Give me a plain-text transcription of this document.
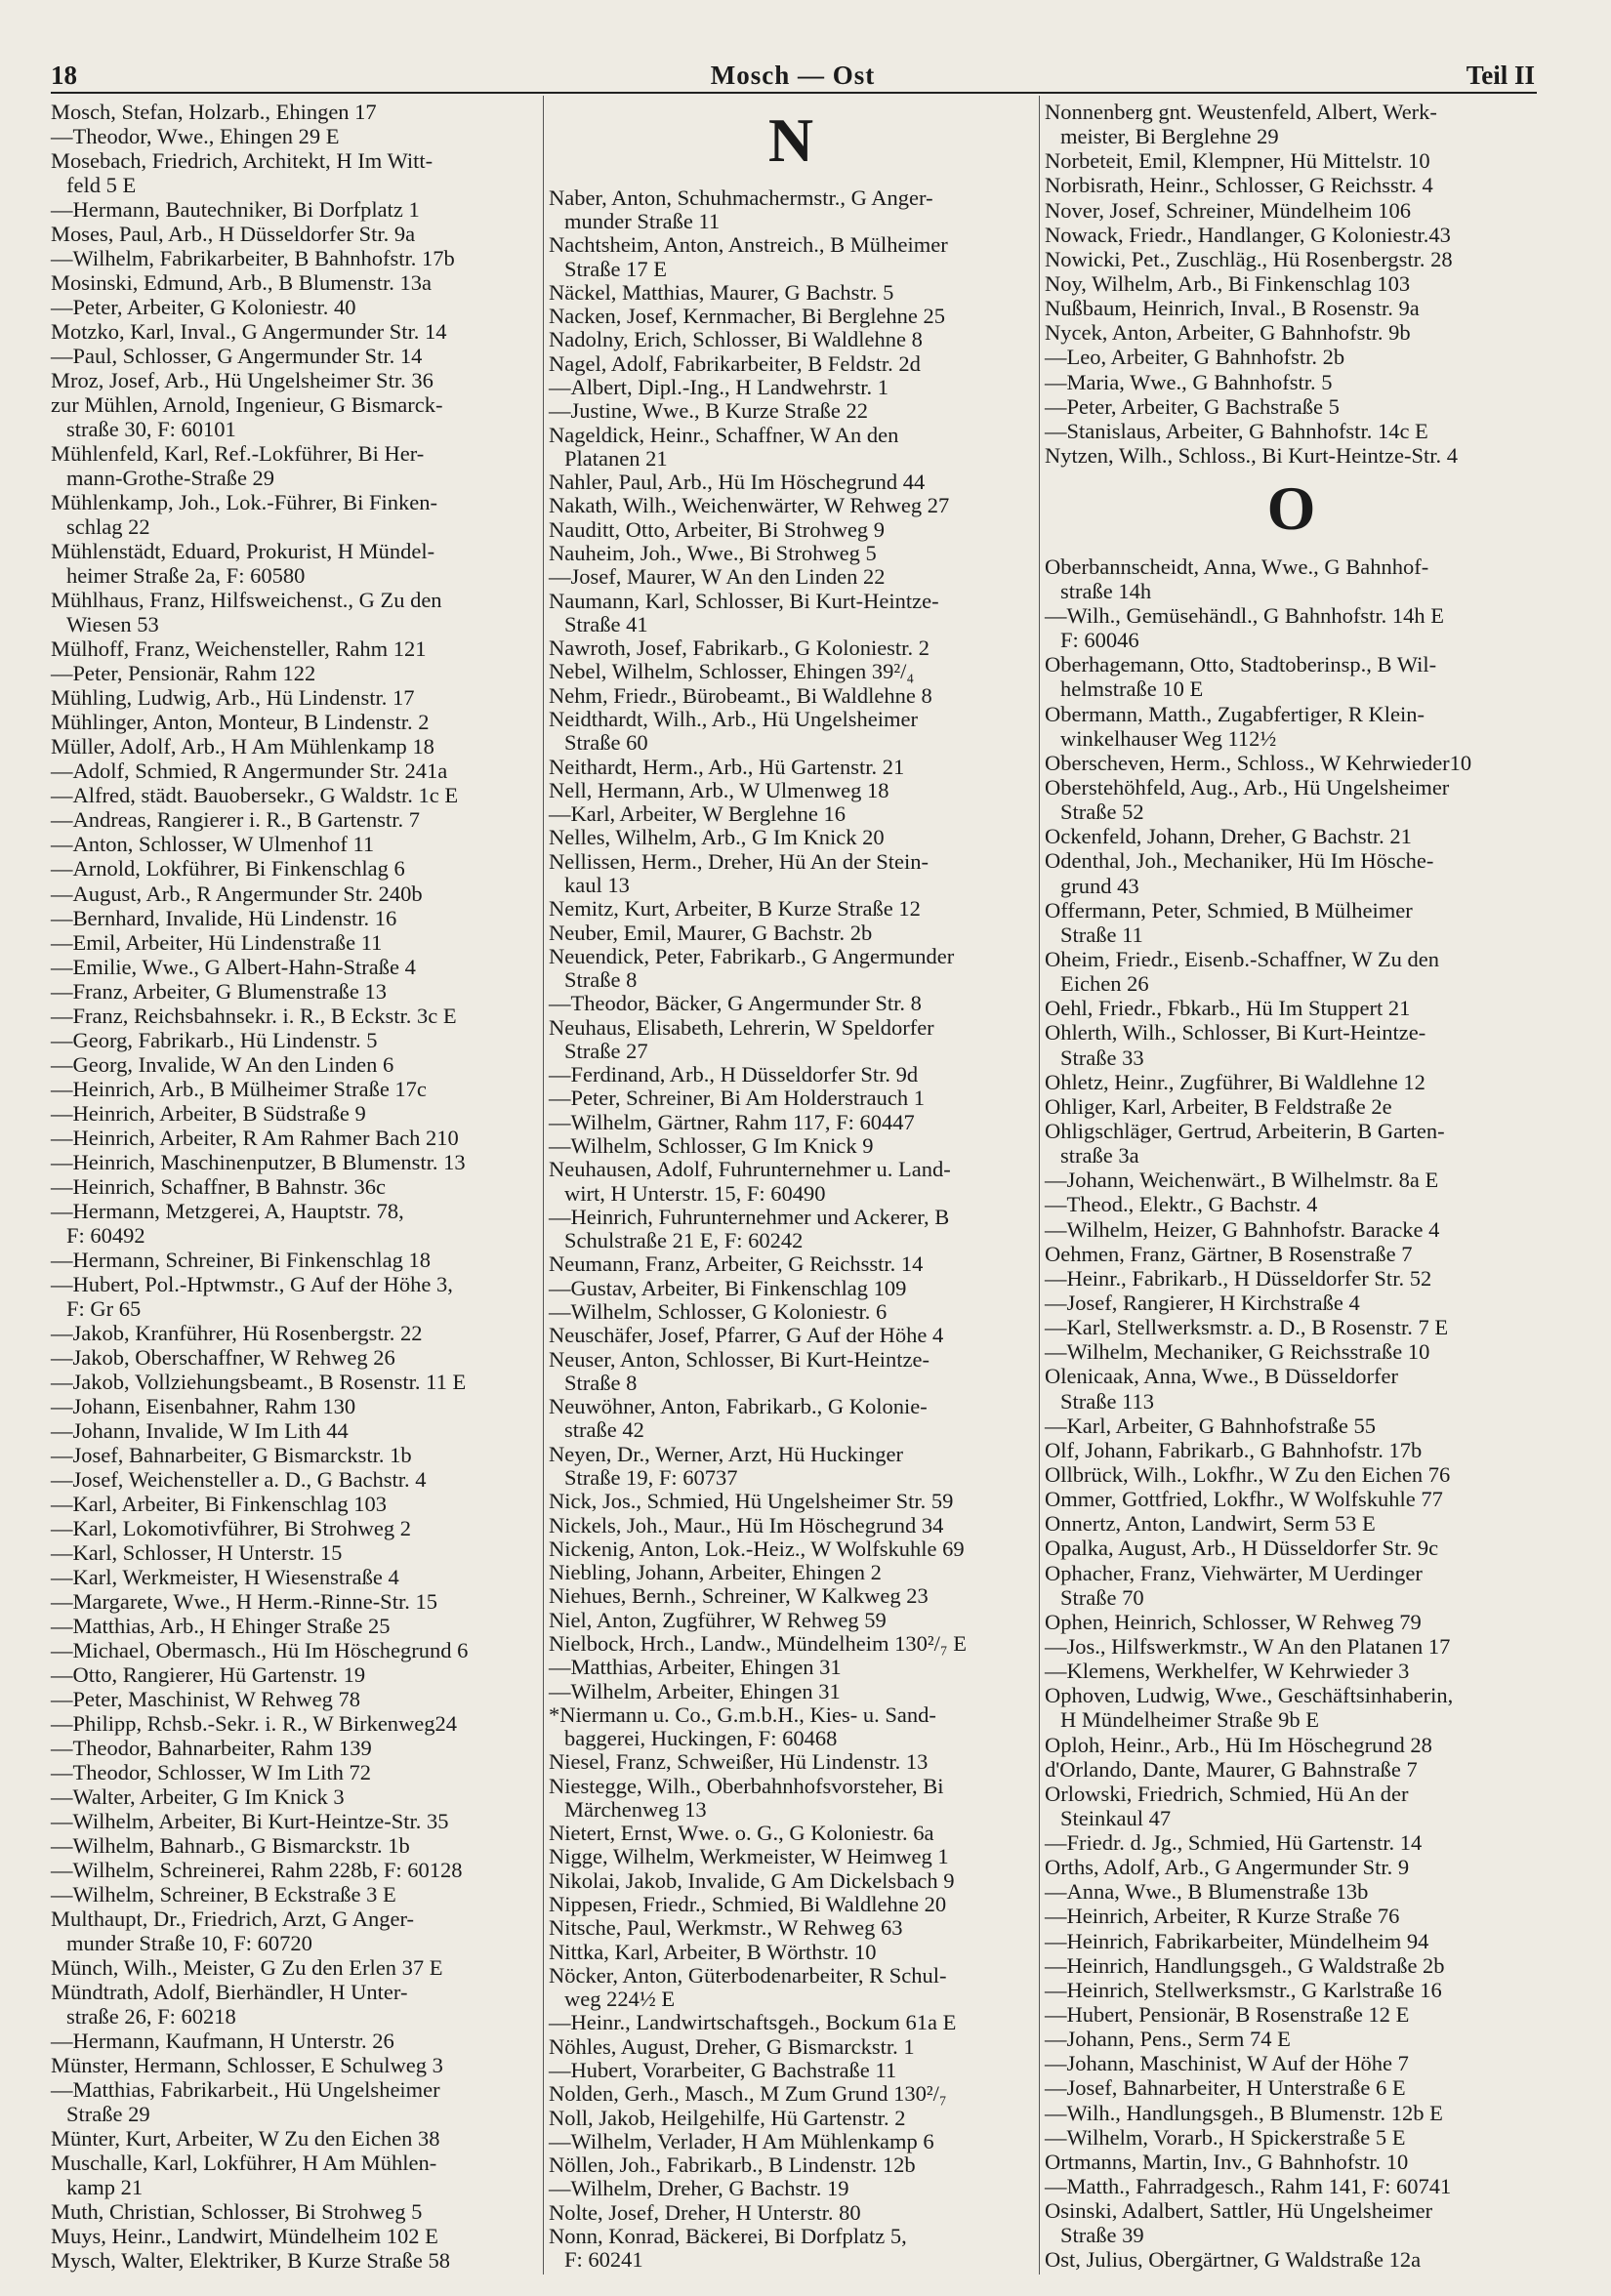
18	Mosch — Ost	Teil II
Mosch, Stefan, Holzarb., Ehingen 17
—Theodor, Wwe., Ehingen 29 E
Mosebach, Friedrich, Architekt, H Im Witt-
feld 5 E
—Hermann, Bautechniker, Bi Dorfplatz 1
Moses, Paul, Arb., H Düsseldorfer Str. 9a
—Wilhelm, Fabrikarbeiter, B Bahnhofstr. 17b
Mosinski, Edmund, Arb., B Blumenstr. 13a
—Peter, Arbeiter, G Koloniestr. 40
Motzko, Karl, Inval., G Angermunder Str. 14
—Paul, Schlosser, G Angermunder Str. 14
Mroz, Josef, Arb., Hü Ungelsheimer Str. 36
zur Mühlen, Arnold, Ingenieur, G Bismarck-
straße 30, F: 60101
Mühlenfeld, Karl, Ref.-Lokführer, Bi Her-
mann-Grothe-Straße 29
Mühlenkamp, Joh., Lok.-Führer, Bi Finken-
schlag 22
Mühlenstädt, Eduard, Prokurist, H Mündel-
heimer Straße 2a, F: 60580
Mühlhaus, Franz, Hilfsweichenst., G Zu den
Wiesen 53
Mülhoff, Franz, Weichensteller, Rahm 121
—Peter, Pensionär, Rahm 122
Mühling, Ludwig, Arb., Hü Lindenstr. 17
Mühlinger, Anton, Monteur, B Lindenstr. 2
Müller, Adolf, Arb., H Am Mühlenkamp 18
—Adolf, Schmied, R Angermunder Str. 241a
—Alfred, städt. Bauobersekr., G Waldstr. 1c E
—Andreas, Rangierer i. R., B Gartenstr. 7
—Anton, Schlosser, W Ulmenhof 11
—Arnold, Lokführer, Bi Finkenschlag 6
—August, Arb., R Angermunder Str. 240b
—Bernhard, Invalide, Hü Lindenstr. 16
—Emil, Arbeiter, Hü Lindenstraße 11
—Emilie, Wwe., G Albert-Hahn-Straße 4
—Franz, Arbeiter, G Blumenstraße 13
—Franz, Reichsbahnsekr. i. R., B Eckstr. 3c E
—Georg, Fabrikarb., Hü Lindenstr. 5
—Georg, Invalide, W An den Linden 6
—Heinrich, Arb., B Mülheimer Straße 17c
—Heinrich, Arbeiter, B Südstraße 9
—Heinrich, Arbeiter, R Am Rahmer Bach 210
—Heinrich, Maschinenputzer, B Blumenstr. 13
—Heinrich, Schaffner, B Bahnstr. 36c
—Hermann, Metzgerei, A, Hauptstr. 78,
F: 60492
—Hermann, Schreiner, Bi Finkenschlag 18
—Hubert, Pol.-Hptwmstr., G Auf der Höhe 3,
F: Gr 65
—Jakob, Kranführer, Hü Rosenbergstr. 22
—Jakob, Oberschaffner, W Rehweg 26
—Jakob, Vollziehungsbeamt., B Rosenstr. 11 E
—Johann, Eisenbahner, Rahm 130
—Johann, Invalide, W Im Lith 44
—Josef, Bahnarbeiter, G Bismarckstr. 1b
—Josef, Weichensteller a. D., G Bachstr. 4
—Karl, Arbeiter, Bi Finkenschlag 103
—Karl, Lokomotivführer, Bi Strohweg 2
—Karl, Schlosser, H Unterstr. 15
—Karl, Werkmeister, H Wiesenstraße 4
—Margarete, Wwe., H Herm.-Rinne-Str. 15
—Matthias, Arb., H Ehinger Straße 25
—Michael, Obermasch., Hü Im Höschegrund 6
—Otto, Rangierer, Hü Gartenstr. 19
—Peter, Maschinist, W Rehweg 78
—Philipp, Rchsb.-Sekr. i. R., W Birkenweg24
—Theodor, Bahnarbeiter, Rahm 139
—Theodor, Schlosser, W Im Lith 72
—Walter, Arbeiter, G Im Knick 3
—Wilhelm, Arbeiter, Bi Kurt-Heintze-Str. 35
—Wilhelm, Bahnarb., G Bismarckstr. 1b
—Wilhelm, Schreinerei, Rahm 228b, F: 60128
—Wilhelm, Schreiner, B Eckstraße 3 E
Multhaupt, Dr., Friedrich, Arzt, G Anger-
munder Straße 10, F: 60720
Münch, Wilh., Meister, G Zu den Erlen 37 E
Mündtrath, Adolf, Bierhändler, H Unter-
straße 26, F: 60218
—Hermann, Kaufmann, H Unterstr. 26
Münster, Hermann, Schlosser, E Schulweg 3
—Matthias, Fabrikarbeit., Hü Ungelsheimer
Straße 29
Münter, Kurt, Arbeiter, W Zu den Eichen 38
Muschalle, Karl, Lokführer, H Am Mühlen-
kamp 21
Muth, Christian, Schlosser, Bi Strohweg 5
Muys, Heinr., Landwirt, Mündelheim 102 E
Mysch, Walter, Elektriker, B Kurze Straße 58
N
Naber, Anton, Schuhmachermstr., G Anger-
munder Straße 11
Nachtsheim, Anton, Anstreich., B Mülheimer
Straße 17 E
Näckel, Matthias, Maurer, G Bachstr. 5
Nacken, Josef, Kernmacher, Bi Berglehne 25
Nadolny, Erich, Schlosser, Bi Waldlehne 8
Nagel, Adolf, Fabrikarbeiter, B Feldstr. 2d
—Albert, Dipl.-Ing., H Landwehrstr. 1
—Justine, Wwe., B Kurze Straße 22
Nageldick, Heinr., Schaffner, W An den
Platanen 21
Nahler, Paul, Arb., Hü Im Höschegrund 44
Nakath, Wilh., Weichenwärter, W Rehweg 27
Nauditt, Otto, Arbeiter, Bi Strohweg 9
Nauheim, Joh., Wwe., Bi Strohweg 5
—Josef, Maurer, W An den Linden 22
Naumann, Karl, Schlosser, Bi Kurt-Heintze-
Straße 41
Nawroth, Josef, Fabrikarb., G Koloniestr. 2
Nebel, Wilhelm, Schlosser, Ehingen 39²/₄
Nehm, Friedr., Bürobeamt., Bi Waldlehne 8
Neidthardt, Wilh., Arb., Hü Ungelsheimer
Straße 60
Neithardt, Herm., Arb., Hü Gartenstr. 21
Nell, Hermann, Arb., W Ulmenweg 18
—Karl, Arbeiter, W Berglehne 16
Nelles, Wilhelm, Arb., G Im Knick 20
Nellissen, Herm., Dreher, Hü An der Stein-
kaul 13
Nemitz, Kurt, Arbeiter, B Kurze Straße 12
Neuber, Emil, Maurer, G Bachstr. 2b
Neuendick, Peter, Fabrikarb., G Angermunder
Straße 8
—Theodor, Bäcker, G Angermunder Str. 8
Neuhaus, Elisabeth, Lehrerin, W Speldorfer
Straße 27
—Ferdinand, Arb., H Düsseldorfer Str. 9d
—Peter, Schreiner, Bi Am Holderstrauch 1
—Wilhelm, Gärtner, Rahm 117, F: 60447
—Wilhelm, Schlosser, G Im Knick 9
Neuhausen, Adolf, Fuhrunternehmer u. Land-
wirt, H Unterstr. 15, F: 60490
—Heinrich, Fuhrunternehmer und Ackerer, B
Schulstraße 21 E, F: 60242
Neumann, Franz, Arbeiter, G Reichsstr. 14
—Gustav, Arbeiter, Bi Finkenschlag 109
—Wilhelm, Schlosser, G Koloniestr. 6
Neuschäfer, Josef, Pfarrer, G Auf der Höhe 4
Neuser, Anton, Schlosser, Bi Kurt-Heintze-
Straße 8
Neuwöhner, Anton, Fabrikarb., G Kolonie-
straße 42
Neyen, Dr., Werner, Arzt, Hü Huckinger
Straße 19, F: 60737
Nick, Jos., Schmied, Hü Ungelsheimer Str. 59
Nickels, Joh., Maur., Hü Im Höschegrund 34
Nickenig, Anton, Lok.-Heiz., W Wolfskuhle 69
Niebling, Johann, Arbeiter, Ehingen 2
Niehues, Bernh., Schreiner, W Kalkweg 23
Niel, Anton, Zugführer, W Rehweg 59
Nielbock, Hrch., Landw., Mündelheim 130²/₇ E
—Matthias, Arbeiter, Ehingen 31
—Wilhelm, Arbeiter, Ehingen 31
*Niermann u. Co., G.m.b.H., Kies- u. Sand-
baggerei, Huckingen, F: 60468
Niesel, Franz, Schweißer, Hü Lindenstr. 13
Niestegge, Wilh., Oberbahnhofsvorsteher, Bi
Märchenweg 13
Nietert, Ernst, Wwe. o. G., G Koloniestr. 6a
Nigge, Wilhelm, Werkmeister, W Heimweg 1
Nikolai, Jakob, Invalide, G Am Dickelsbach 9
Nippesen, Friedr., Schmied, Bi Waldlehne 20
Nitsche, Paul, Werkmstr., W Rehweg 63
Nittka, Karl, Arbeiter, B Wörthstr. 10
Nöcker, Anton, Güterbodenarbeiter, R Schul-
weg 224½ E
—Heinr., Landwirtschaftsgeh., Bockum 61a E
Nöhles, August, Dreher, G Bismarckstr. 1
—Hubert, Vorarbeiter, G Bachstraße 11
Nolden, Gerh., Masch., M Zum Grund 130²/₇
Noll, Jakob, Heilgehilfe, Hü Gartenstr. 2
—Wilhelm, Verlader, H Am Mühlenkamp 6
Nöllen, Joh., Fabrikarb., B Lindenstr. 12b
—Wilhelm, Dreher, G Bachstr. 19
Nolte, Josef, Dreher, H Unterstr. 80
Nonn, Konrad, Bäckerei, Bi Dorfplatz 5,
F: 60241
Nonnenberg gnt. Weustenfeld, Albert, Werk-
meister, Bi Berglehne 29
Norbeteit, Emil, Klempner, Hü Mittelstr. 10
Norbisrath, Heinr., Schlosser, G Reichsstr. 4
Nover, Josef, Schreiner, Mündelheim 106
Nowack, Friedr., Handlanger, G Koloniestr.43
Nowicki, Pet., Zuschläg., Hü Rosenbergstr. 28
Noy, Wilhelm, Arb., Bi Finkenschlag 103
Nußbaum, Heinrich, Inval., B Rosenstr. 9a
Nycek, Anton, Arbeiter, G Bahnhofstr. 9b
—Leo, Arbeiter, G Bahnhofstr. 2b
—Maria, Wwe., G Bahnhofstr. 5
—Peter, Arbeiter, G Bachstraße 5
—Stanislaus, Arbeiter, G Bahnhofstr. 14c E
Nytzen, Wilh., Schloss., Bi Kurt-Heintze-Str. 4
O
Oberbannscheidt, Anna, Wwe., G Bahnhof-
straße 14h
—Wilh., Gemüsehändl., G Bahnhofstr. 14h E
F: 60046
Oberhagemann, Otto, Stadtoberinsp., B Wil-
helmstraße 10 E
Obermann, Matth., Zugabfertiger, R Klein-
winkelhauser Weg 112½
Oberscheven, Herm., Schloss., W Kehrwieder10
Oberstehöhfeld, Aug., Arb., Hü Ungelsheimer
Straße 52
Ockenfeld, Johann, Dreher, G Bachstr. 21
Odenthal, Joh., Mechaniker, Hü Im Hösche-
grund 43
Offermann, Peter, Schmied, B Mülheimer
Straße 11
Oheim, Friedr., Eisenb.-Schaffner, W Zu den
Eichen 26
Oehl, Friedr., Fbkarb., Hü Im Stuppert 21
Ohlerth, Wilh., Schlosser, Bi Kurt-Heintze-
Straße 33
Ohletz, Heinr., Zugführer, Bi Waldlehne 12
Ohliger, Karl, Arbeiter, B Feldstraße 2e
Ohligschläger, Gertrud, Arbeiterin, B Garten-
straße 3a
—Johann, Weichenwärt., B Wilhelmstr. 8a E
—Theod., Elektr., G Bachstr. 4
—Wilhelm, Heizer, G Bahnhofstr. Baracke 4
Oehmen, Franz, Gärtner, B Rosenstraße 7
—Heinr., Fabrikarb., H Düsseldorfer Str. 52
—Josef, Rangierer, H Kirchstraße 4
—Karl, Stellwerksmstr. a. D., B Rosenstr. 7 E
—Wilhelm, Mechaniker, G Reichsstraße 10
Olenicaak, Anna, Wwe., B Düsseldorfer
Straße 113
—Karl, Arbeiter, G Bahnhofstraße 55
Olf, Johann, Fabrikarb., G Bahnhofstr. 17b
Ollbrück, Wilh., Lokfhr., W Zu den Eichen 76
Ommer, Gottfried, Lokfhr., W Wolfskuhle 77
Onnertz, Anton, Landwirt, Serm 53 E
Opalka, August, Arb., H Düsseldorfer Str. 9c
Ophacher, Franz, Viehwärter, M Uerdinger
Straße 70
Ophen, Heinrich, Schlosser, W Rehweg 79
—Jos., Hilfswerkmstr., W An den Platanen 17
—Klemens, Werkhelfer, W Kehrwieder 3
Ophoven, Ludwig, Wwe., Geschäftsinhaberin,
H Mündelheimer Straße 9b E
Oploh, Heinr., Arb., Hü Im Höschegrund 28
d'Orlando, Dante, Maurer, G Bahnstraße 7
Orlowski, Friedrich, Schmied, Hü An der
Steinkaul 47
—Friedr. d. Jg., Schmied, Hü Gartenstr. 14
Orths, Adolf, Arb., G Angermunder Str. 9
—Anna, Wwe., B Blumenstraße 13b
—Heinrich, Arbeiter, R Kurze Straße 76
—Heinrich, Fabrikarbeiter, Mündelheim 94
—Heinrich, Handlungsgeh., G Waldstraße 2b
—Heinrich, Stellwerksmstr., G Karlstraße 16
—Hubert, Pensionär, B Rosenstraße 12 E
—Johann, Pens., Serm 74 E
—Johann, Maschinist, W Auf der Höhe 7
—Josef, Bahnarbeiter, H Unterstraße 6 E
—Wilh., Handlungsgeh., B Blumenstr. 12b E
—Wilhelm, Vorarb., H Spickerstraße 5 E
Ortmanns, Martin, Inv., G Bahnhofstr. 10
—Matth., Fahrradgesch., Rahm 141, F: 60741
Osinski, Adalbert, Sattler, Hü Ungelsheimer
Straße 39
Ost, Julius, Obergärtner, G Waldstraße 12a
